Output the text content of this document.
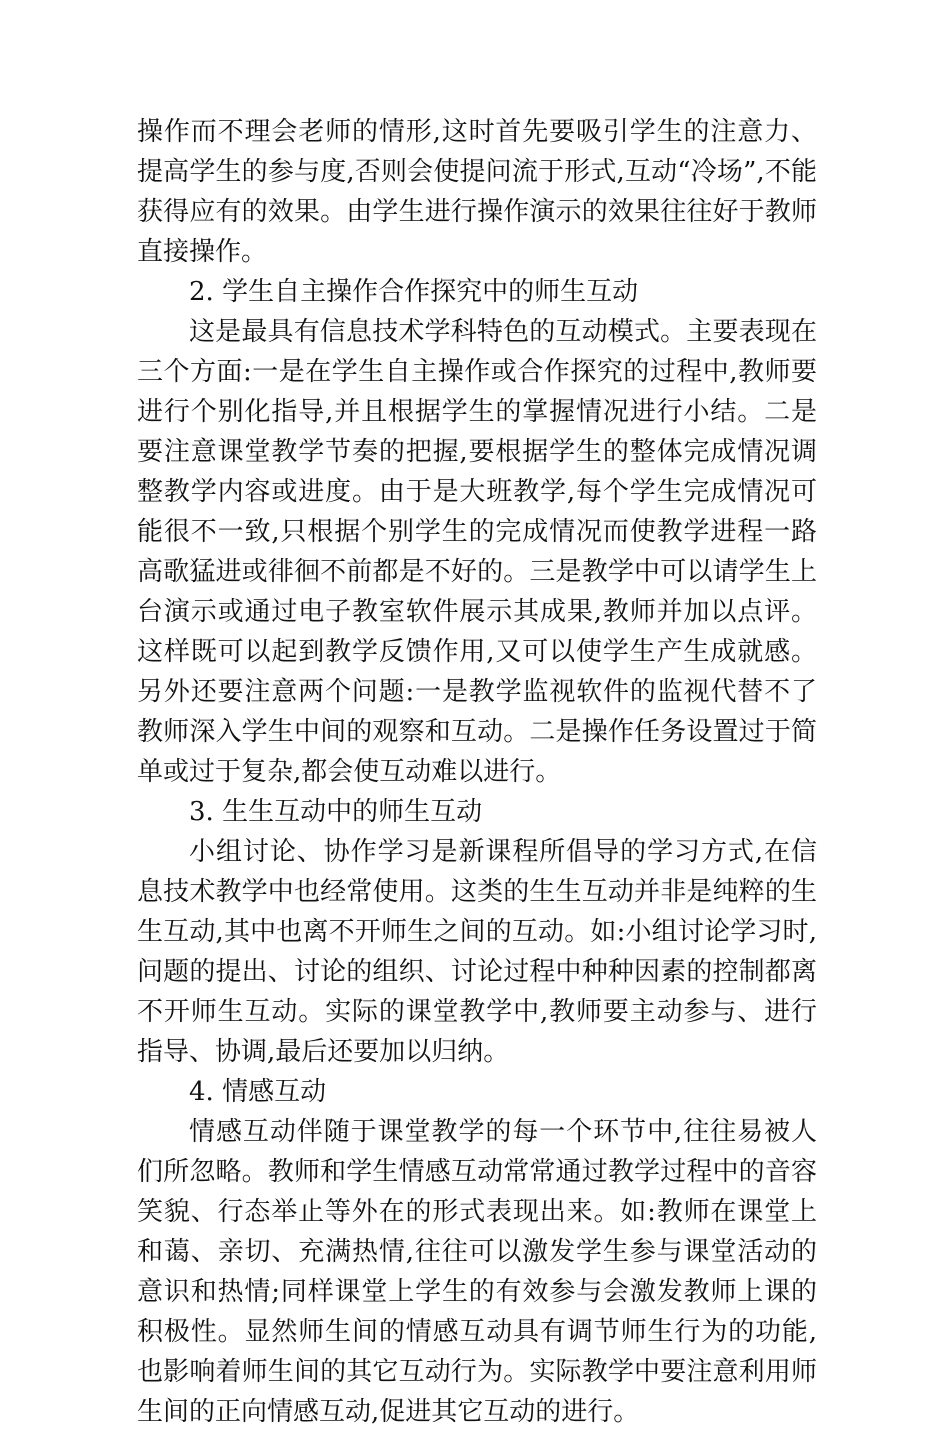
操作而不理会老师的情形,这时首先要吸引学生的注意力、提高学生的参与度,否则会使提问流于形式,互动“冷场”,不能获得应有的效果。由学生进行操作演示的效果往往好于教师直接操作。

2. 学生自主操作合作探究中的师生互动

这是最具有信息技术学科特色的互动模式。主要表现在三个方面:一是在学生自主操作或合作探究的过程中,教师要进行个别化指导,并且根据学生的掌握情况进行小结。二是要注意课堂教学节奏的把握,要根据学生的整体完成情况调整教学内容或进度。由于是大班教学,每个学生完成情况可能很不一致,只根据个别学生的完成情况而使教学进程一路高歌猛进或徘徊不前都是不好的。三是教学中可以请学生上台演示或通过电子教室软件展示其成果,教师并加以点评。这样既可以起到教学反馈作用,又可以使学生产生成就感。另外还要注意两个问题:一是教学监视软件的监视代替不了教师深入学生中间的观察和互动。二是操作任务设置过于简单或过于复杂,都会使互动难以进行。

3. 生生互动中的师生互动

小组讨论、协作学习是新课程所倡导的学习方式,在信息技术教学中也经常使用。这类的生生互动并非是纯粹的生生互动,其中也离不开师生之间的互动。如:小组讨论学习时,问题的提出、讨论的组织、讨论过程中种种因素的控制都离不开师生互动。实际的课堂教学中,教师要主动参与、进行指导、协调,最后还要加以归纳。

4. 情感互动

情感互动伴随于课堂教学的每一个环节中,往往易被人们所忽略。教师和学生情感互动常常通过教学过程中的音容笑貌、行态举止等外在的形式表现出来。如:教师在课堂上和蔼、亲切、充满热情,往往可以激发学生参与课堂活动的意识和热情;同样课堂上学生的有效参与会激发教师上课的积极性。显然师生间的情感互动具有调节师生行为的功能,也影响着师生间的其它互动行为。实际教学中要注意利用师生间的正向情感互动,促进其它互动的进行。
